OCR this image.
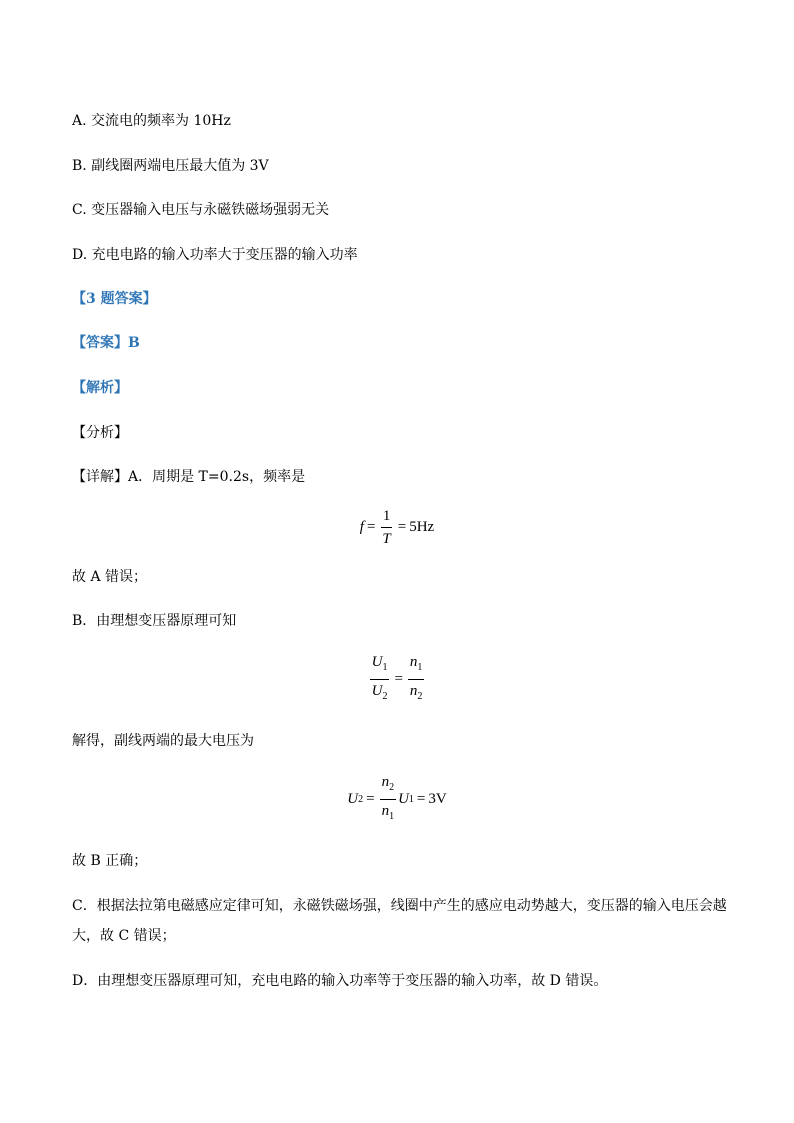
A. 交流电的频率为 10Hz
B. 副线圈两端电压最大值为 3V
C. 变压器输入电压与永磁铁磁场强弱无关
D. 充电电路的输入功率大于变压器的输入功率
【3 题答案】
【答案】B
【解析】
【分析】
【详解】A．周期是 T=0.2s，频率是
$f = \frac{1}{T} = 5Hz$
故 A 错误；
B．由理想变压器原理可知
$\frac{U_1}{U_2} = \frac{n_1}{n_2}$
解得，副线两端的最大电压为
U $2 = \frac{n_2}{n_1}$ U 1 = 3V
故 B 正确；
C．根据法拉第电磁感应定律可知，永磁铁磁场强，线圈中产生的感应电动势越大，变压器的输入电压会越
大，故 C 错误；
D．由理想变压器原理可知，充电电路的输入功率等于变压器的输入功率，故 D 错误。
